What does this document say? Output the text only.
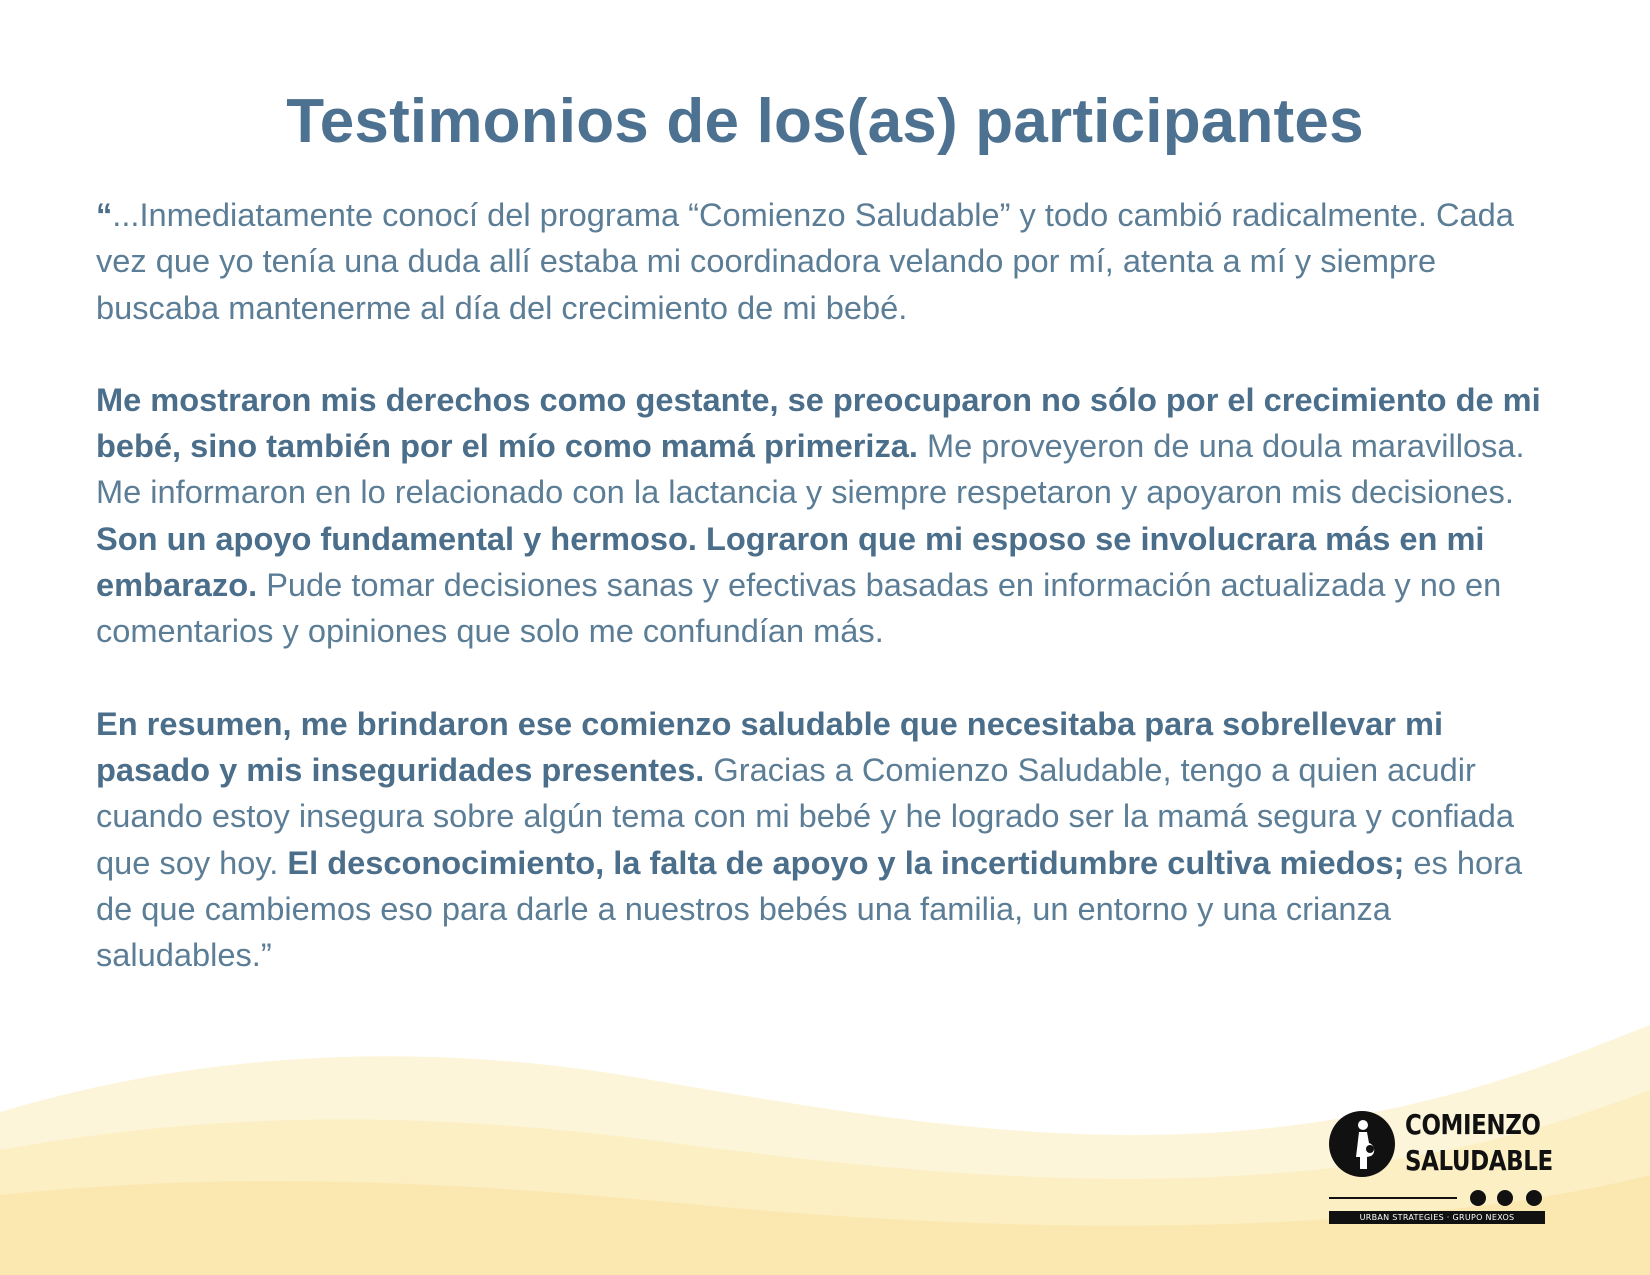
Testimonios de los(as) participantes

“...Inmediatamente conocí del programa “Comienzo Saludable” y todo cambió radicalmente. Cada vez que yo tenía una duda allí estaba mi coordinadora velando por mí, atenta a mí y siempre buscaba mantenerme al día del crecimiento de mi bebé.

Me mostraron mis derechos como gestante, se preocuparon no sólo por el crecimiento de mi bebé, sino también por el mío como mamá primeriza. Me proveyeron de una doula maravillosa. Me informaron en lo relacionado con la lactancia y siempre respetaron y apoyaron mis decisiones. Son un apoyo fundamental y hermoso. Lograron que mi esposo se involucrara más en mi embarazo. Pude tomar decisiones sanas y efectivas basadas en información actualizada y no en comentarios y opiniones que solo me confundían más.

En resumen, me brindaron ese comienzo saludable que necesitaba para sobrellevar mi pasado y mis inseguridades presentes. Gracias a Comienzo Saludable, tengo a quien acudir cuando estoy insegura sobre algún tema con mi bebé y he logrado ser la mamá segura y confiada que soy hoy. El desconocimiento, la falta de apoyo y la incertidumbre cultiva miedos; es hora de que cambiemos eso para darle a nuestros bebés una familia, un entorno y una crianza saludables.”

COMIENZO
SALUDABLE
URBAN STRATEGIES · GRUPO NEXOS
